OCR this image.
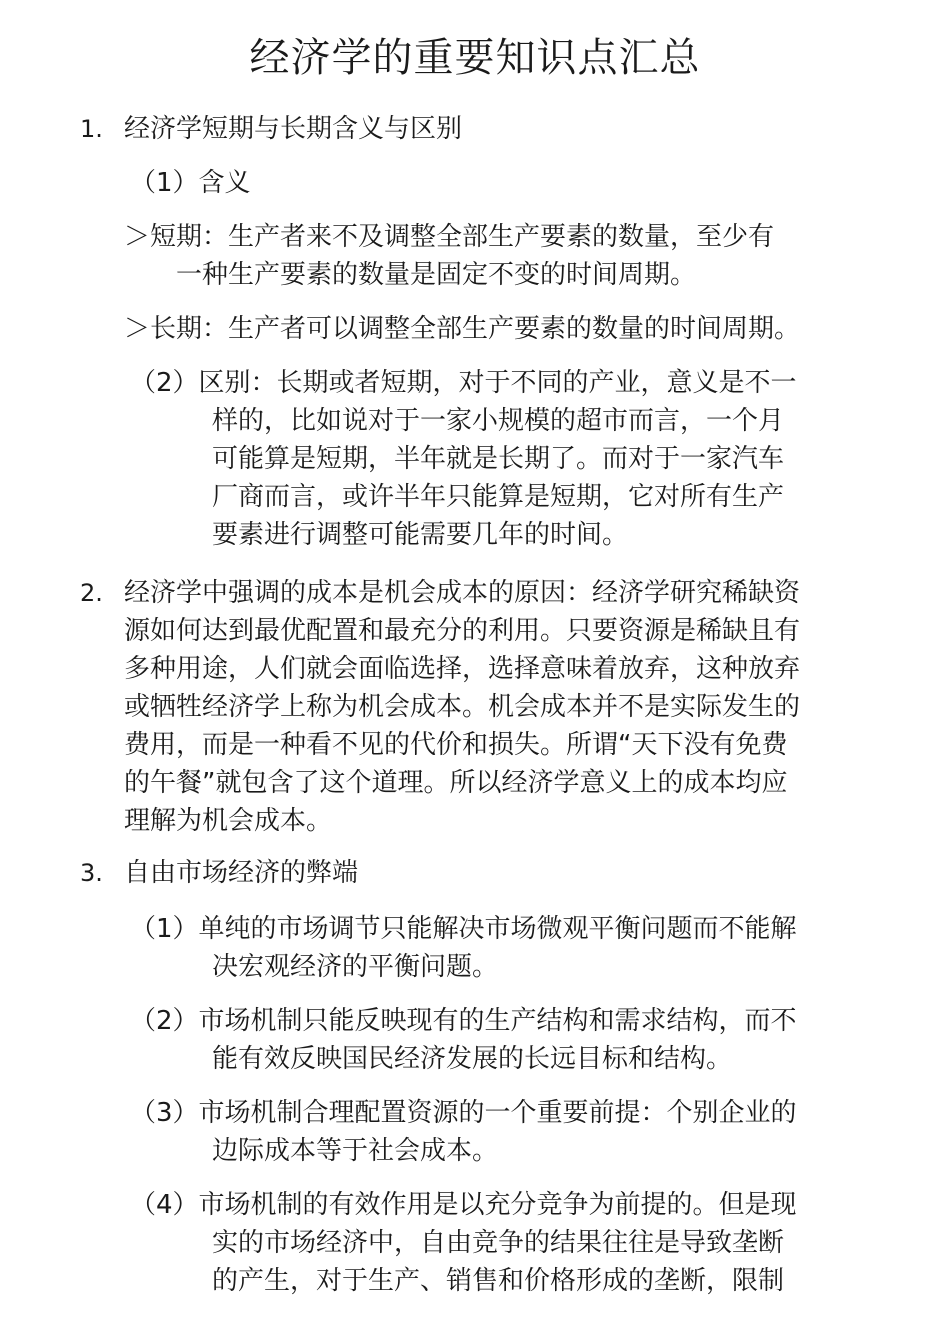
经济学的重要知识点汇总
1. 经济学短期与长期含义与区别
（1）含义
＞短期：生产者来不及调整全部生产要素的数量，至少有
一种生产要素的数量是固定不变的时间周期。
＞长期：生产者可以调整全部生产要素的数量的时间周期。
（2）区别：长期或者短期，对于不同的产业，意义是不一
样的，比如说对于一家小规模的超市而言，一个月
可能算是短期，半年就是长期了。而对于一家汽车
厂商而言，或许半年只能算是短期，它对所有生产
要素进行调整可能需要几年的时间。
2. 经济学中强调的成本是机会成本的原因：经济学研究稀缺资
源如何达到最优配置和最充分的利用。只要资源是稀缺且有
多种用途，人们就会面临选择，选择意味着放弃，这种放弃
或牺牲经济学上称为机会成本。机会成本并不是实际发生的
费用，而是一种看不见的代价和损失。所谓“天下没有免费
的午餐”就包含了这个道理。所以经济学意义上的成本均应
理解为机会成本。
3. 自由市场经济的弊端
（1）单纯的市场调节只能解决市场微观平衡问题而不能解
决宏观经济的平衡问题。
（2）市场机制只能反映现有的生产结构和需求结构，而不
能有效反映国民经济发展的长远目标和结构。
（3）市场机制合理配置资源的一个重要前提：个别企业的
边际成本等于社会成本。
（4）市场机制的有效作用是以充分竞争为前提的。但是现
实的市场经济中，自由竞争的结果往往是导致垄断
的产生，对于生产、销售和价格形成的垄断，限制
